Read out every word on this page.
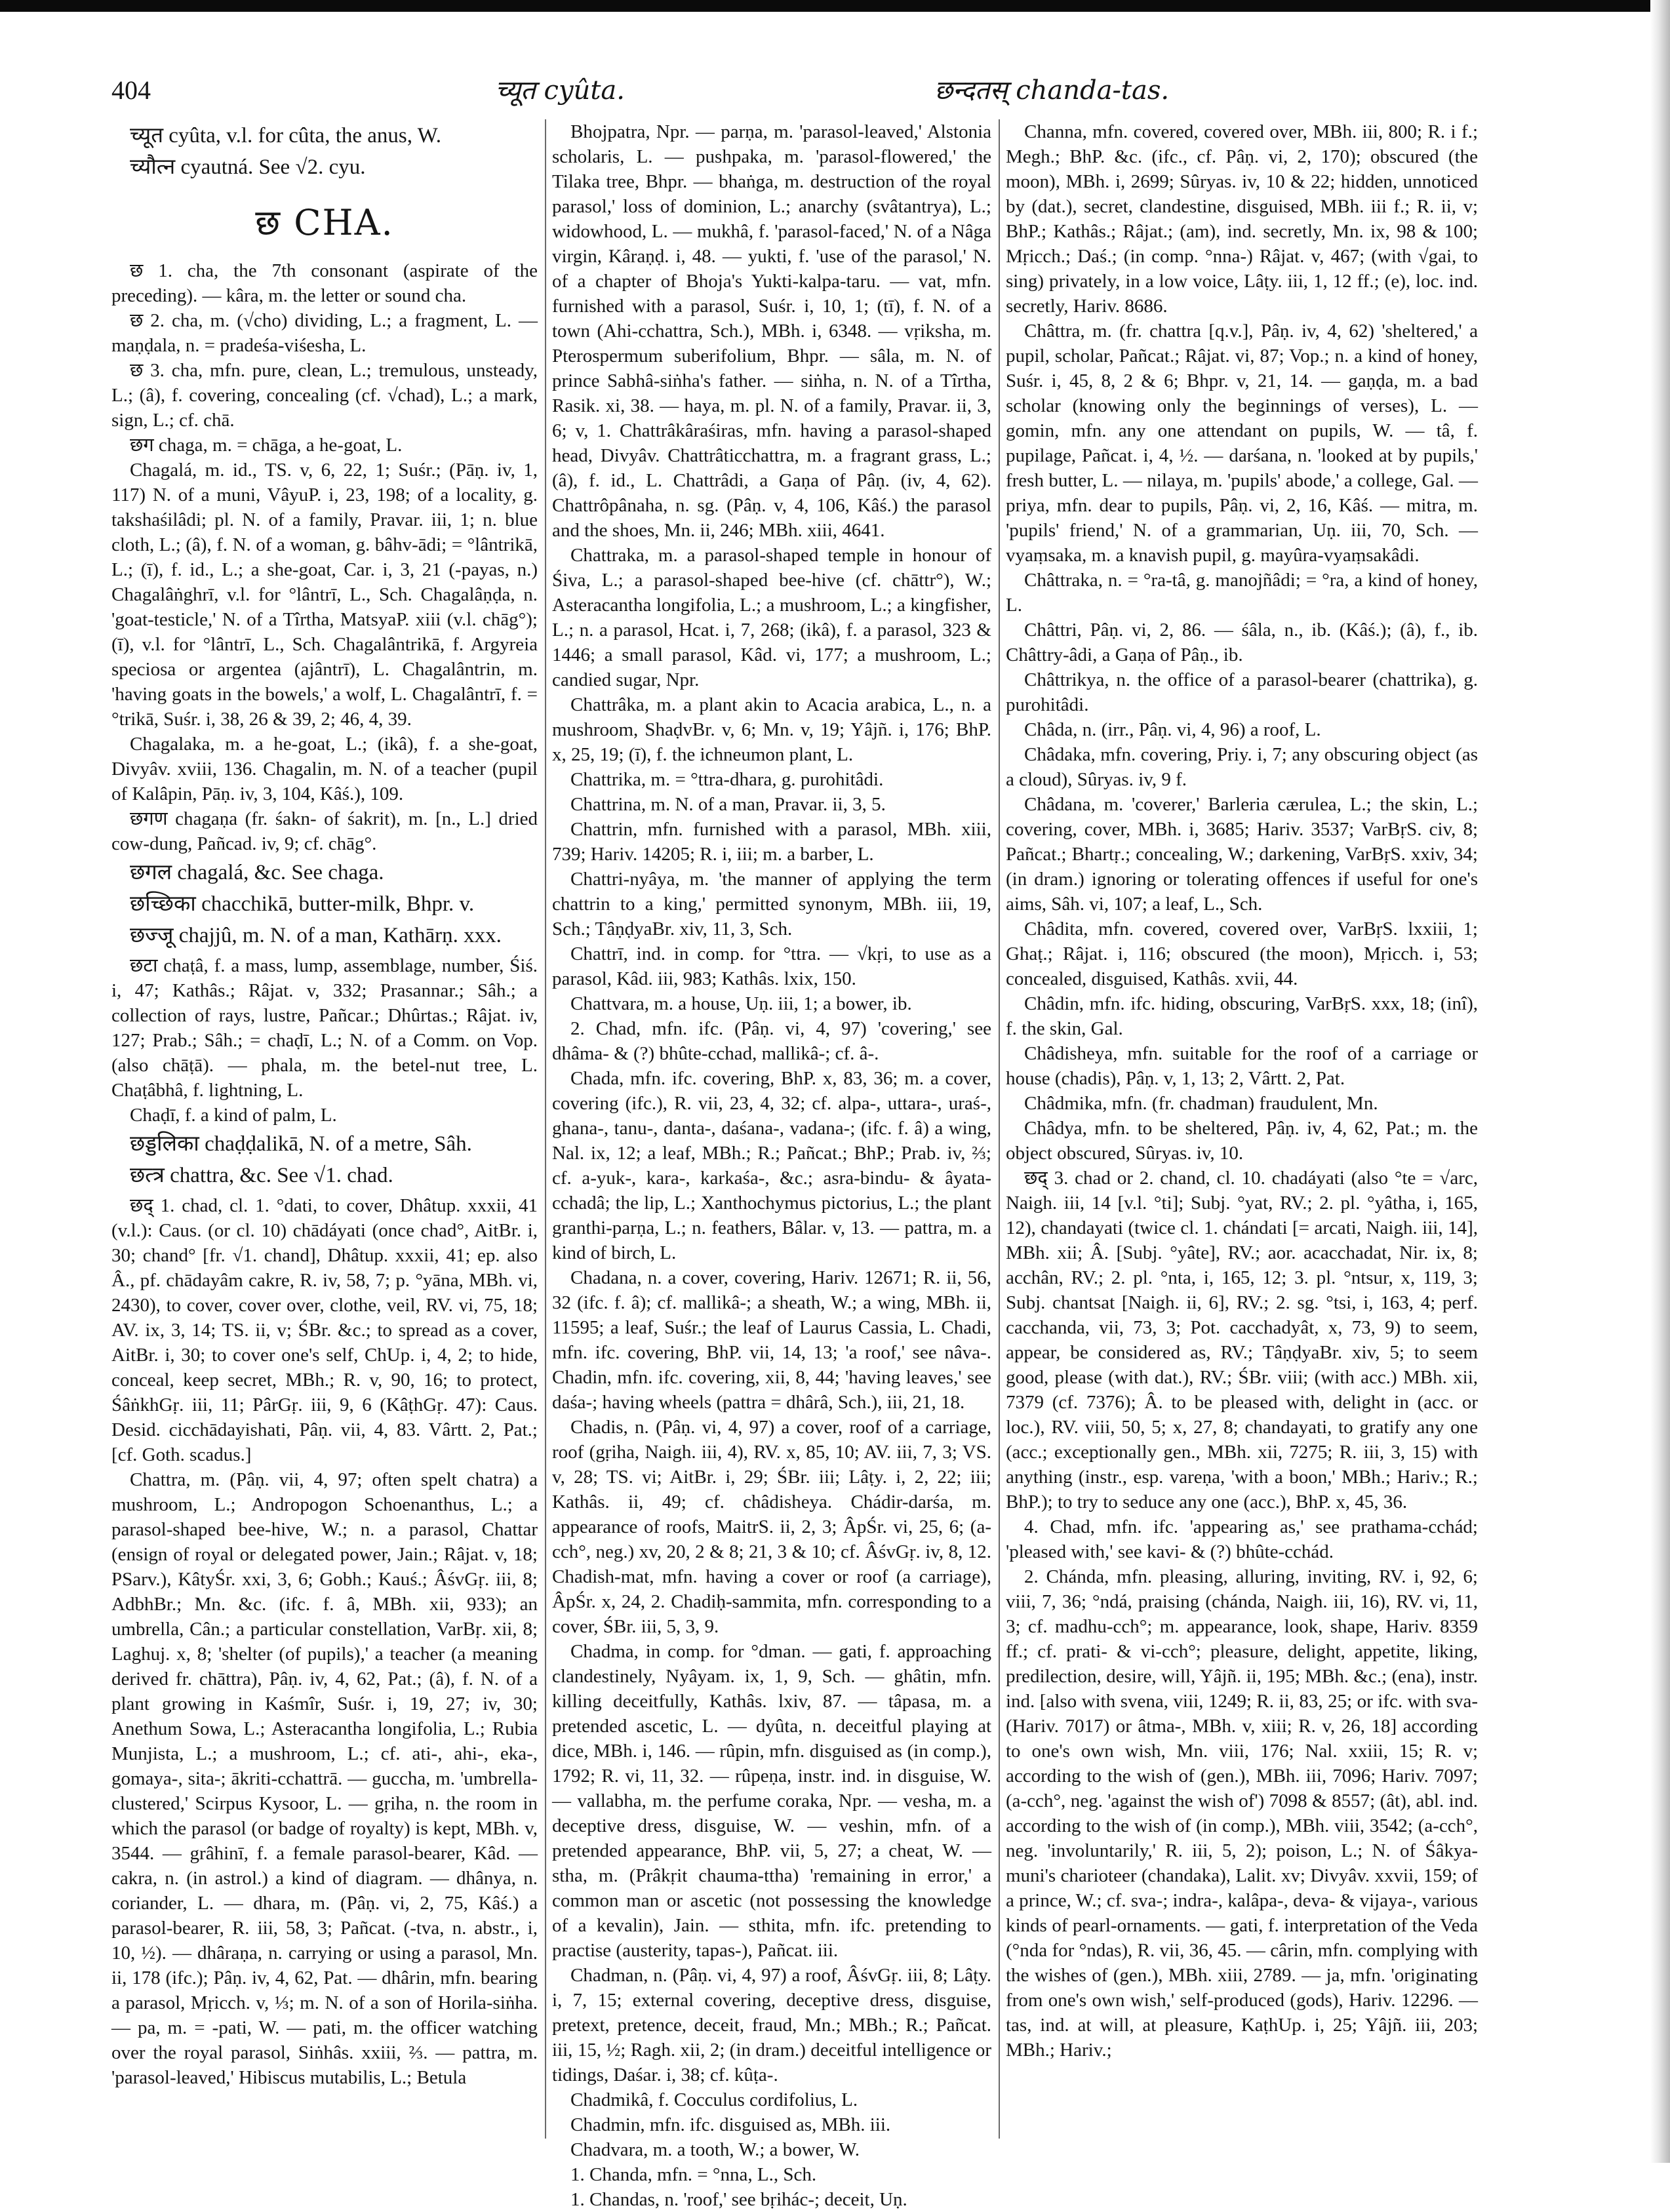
404	च्यूत cyûta.	छन्दतस् chanda-tas.

च्यूत cyûta, v.l. for cûta, the anus, W.

च्यौत्न cyautná. See √2. cyu.

छ CHA.

छ 1. cha, the 7th consonant (aspirate of the preceding). — kâra, m. the letter or sound cha.

छ 2. cha, m. (√cho) dividing, L.; a fragment, L. — maṇḍala, n. = pradeśa-viśesha, L.

छ 3. cha, mfn. pure, clean, L.; tremulous, unsteady, L.; (â), f. covering, concealing (cf. √chad), L.; a mark, sign, L.; cf. chā.

छग chaga, m. = chāga, a he-goat, L.

Chagalá, m. id., TS. v, 6, 22, 1; Suśr.; (Pāṇ. iv, 1, 117) N. of a muni, VâyuP. i, 23, 198; of a locality, g. takshaśilâdi; pl. N. of a family, Pravar. iii, 1; n. blue cloth, L.; (â), f. N. of a woman, g. bâhv-ādi; = °lântrikā, L.; (ī), f. id., L.; a she-goat, Car. i, 3, 21 (-payas, n.) Chagalâṅghrī, v.l. for °lântrī, L., Sch. Chagalâṇḍa, n. 'goat-testicle,' N. of a Tîrtha, MatsyaP. xiii (v.l. chāg°); (ī), v.l. for °lântrī, L., Sch. Chagalântrikā, f. Argyreia speciosa or argentea (ajântrī), L. Chagalântrin, m. 'having goats in the bowels,' a wolf, L. Chagalântrī, f. = °trikā, Suśr. i, 38, 26 & 39, 2; 46, 4, 39.

Chagalaka, m. a he-goat, L.; (ikâ), f. a she-goat, Divyâv. xviii, 136. Chagalin, m. N. of a teacher (pupil of Kalâpin, Pāṇ. iv, 3, 104, Kâś.), 109.

छगण chagaṇa (fr. śakn- of śakrit), m. [n., L.] dried cow-dung, Pañcad. iv, 9; cf. chāg°.

छगल chagalá, &c. See chaga.

छच्छिका chacchikā, butter-milk, Bhpr. v.

छज्जू chajjû, m. N. of a man, Kathārṇ. xxx.

छटा chaṭâ, f. a mass, lump, assemblage, number, Śiś. i, 47; Kathâs.; Râjat. v, 332; Prasannar.; Sâh.; a collection of rays, lustre, Pañcar.; Dhûrtas.; Râjat. iv, 127; Prab.; Sâh.; = chaḍī, L.; N. of a Comm. on Vop. (also chāṭā). — phala, m. the betel-nut tree, L. Chaṭâbhâ, f. lightning, L.

Chaḍī, f. a kind of palm, L.

छड्डलिका chaḍḍalikā, N. of a metre, Sâh.

छत्त्र chattra, &c. See √1. chad.

छद् 1. chad, cl. 1. °dati, to cover, Dhâtup. xxxii, 41 (v.l.): Caus. (or cl. 10) chādáyati (once chad°, AitBr. i, 30; chand° [fr. √1. chand], Dhâtup. xxxii, 41; ep. also Â., pf. chādayâm cakre, R. iv, 58, 7; p. °yāna, MBh. vi, 2430), to cover, cover over, clothe, veil, RV. vi, 75, 18; AV. ix, 3, 14; TS. ii, v; ŚBr. &c.; to spread as a cover, AitBr. i, 30; to cover one's self, ChUp. i, 4, 2; to hide, conceal, keep secret, MBh.; R. v, 90, 16; to protect, ŚâṅkhGṛ. iii, 11; PârGṛ. iii, 9, 6 (KâṭhGṛ. 47): Caus. Desid. cicchādayishati, Pâṇ. vii, 4, 83. Vârtt. 2, Pat.; [cf. Goth. scadus.]

Chattra, m. (Pâṇ. vii, 4, 97; often spelt chatra) a mushroom, L.; Andropogon Schoenanthus, L.; a parasol-shaped bee-hive, W.; n. a parasol, Chattar (ensign of royal or delegated power, Jain.; Râjat. v, 18; PSarv.), KâtyŚr. xxi, 3, 6; Gobh.; Kauś.; ÂśvGṛ. iii, 8; AdbhBr.; Mn. &c. (ifc. f. â, MBh. xii, 933); an umbrella, Cân.; a particular constellation, VarBṛ. xii, 8; Laghuj. x, 8; 'shelter (of pupils),' a teacher (a meaning derived fr. chāttra), Pâṇ. iv, 4, 62, Pat.; (â), f. N. of a plant growing in Kaśmîr, Suśr. i, 19, 27; iv, 30; Anethum Sowa, L.; Asteracantha longifolia, L.; Rubia Munjista, L.; a mushroom, L.; cf. ati-, ahi-, eka-, gomaya-, sita-; ākriti-cchattrā. — guccha, m. 'umbrella-clustered,' Scirpus Kysoor, L. — gṛiha, n. the room in which the parasol (or badge of royalty) is kept, MBh. v, 3544. — grâhinī, f. a female parasol-bearer, Kâd. — cakra, n. (in astrol.) a kind of diagram. — dhânya, n. coriander, L. — dhara, m. (Pâṇ. vi, 2, 75, Kâś.) a parasol-bearer, R. iii, 58, 3; Pañcat. (-tva, n. abstr., i, 10, ½). — dhâraṇa, n. carrying or using a parasol, Mn. ii, 178 (ifc.); Pâṇ. iv, 4, 62, Pat. — dhârin, mfn. bearing a parasol, Mṛicch. v, ⅓; m. N. of a son of Horila-siṅha. — pa, m. = -pati, W. — pati, m. the officer watching over the royal parasol, Siṅhâs. xxiii, ⅔. — pattra, m. 'parasol-leaved,' Hibiscus mutabilis, L.; Betula

Bhojpatra, Npr. — parṇa, m. 'parasol-leaved,' Alstonia scholaris, L. — pushpaka, m. 'parasol-flowered,' the Tilaka tree, Bhpr. — bhaṅga, m. destruction of the royal parasol,' loss of dominion, L.; anarchy (svâtantrya), L.; widowhood, L. — mukhâ, f. 'parasol-faced,' N. of a Nâga virgin, Kâraṇḍ. i, 48. — yukti, f. 'use of the parasol,' N. of a chapter of Bhoja's Yukti-kalpa-taru. — vat, mfn. furnished with a parasol, Suśr. i, 10, 1; (tī), f. N. of a town (Ahi-cchattra, Sch.), MBh. i, 6348. — vṛiksha, m. Pterospermum suberifolium, Bhpr. — sâla, m. N. of prince Sabhâ-siṅha's father. — siṅha, n. N. of a Tîrtha, Rasik. xi, 38. — haya, m. pl. N. of a family, Pravar. ii, 3, 6; v, 1. Chattrâkâraśiras, mfn. having a parasol-shaped head, Divyâv. Chattrâticchattra, m. a fragrant grass, L.; (â), f. id., L. Chattrâdi, a Gaṇa of Pâṇ. (iv, 4, 62). Chattrôpânaha, n. sg. (Pâṇ. v, 4, 106, Kâś.) the parasol and the shoes, Mn. ii, 246; MBh. xiii, 4641.

Chattraka, m. a parasol-shaped temple in honour of Śiva, L.; a parasol-shaped bee-hive (cf. chāttr°), W.; Asteracantha longifolia, L.; a mushroom, L.; a kingfisher, L.; n. a parasol, Hcat. i, 7, 268; (ikâ), f. a parasol, 323 & 1446; a small parasol, Kâd. vi, 177; a mushroom, L.; candied sugar, Npr.

Chattrâka, m. a plant akin to Acacia arabica, L., n. a mushroom, ShaḍvBr. v, 6; Mn. v, 19; Yâjñ. i, 176; BhP. x, 25, 19; (ī), f. the ichneumon plant, L.

Chattrika, m. = °ttra-dhara, g. purohitâdi.

Chattrina, m. N. of a man, Pravar. ii, 3, 5.

Chattrin, mfn. furnished with a parasol, MBh. xiii, 739; Hariv. 14205; R. i, iii; m. a barber, L.

Chattri-nyâya, m. 'the manner of applying the term chattrin to a king,' permitted synonym, MBh. iii, 19, Sch.; TâṇḍyaBr. xiv, 11, 3, Sch.

Chattrī, ind. in comp. for °ttra. — √kṛi, to use as a parasol, Kâd. iii, 983; Kathâs. lxix, 150.

Chattvara, m. a house, Uṇ. iii, 1; a bower, ib.

2. Chad, mfn. ifc. (Pâṇ. vi, 4, 97) 'covering,' see dhâma- & (?) bhûte-cchad, mallikâ-; cf. â-.

Chada, mfn. ifc. covering, BhP. x, 83, 36; m. a cover, covering (ifc.), R. vii, 23, 4, 32; cf. alpa-, uttara-, uraś-, ghana-, tanu-, danta-, daśana-, vadana-; (ifc. f. â) a wing, Nal. ix, 12; a leaf, MBh.; R.; Pañcat.; BhP.; Prab. iv, ⅔; cf. a-yuk-, kara-, karkaśa-, &c.; asra-bindu- & âyata-cchadâ; the lip, L.; Xanthochymus pictorius, L.; the plant granthi-parṇa, L.; n. feathers, Bâlar. v, 13. — pattra, m. a kind of birch, L.

Chadana, n. a cover, covering, Hariv. 12671; R. ii, 56, 32 (ifc. f. â); cf. mallikâ-; a sheath, W.; a wing, MBh. ii, 11595; a leaf, Suśr.; the leaf of Laurus Cassia, L. Chadi, mfn. ifc. covering, BhP. vii, 14, 13; 'a roof,' see nâva-. Chadin, mfn. ifc. covering, xii, 8, 44; 'having leaves,' see daśa-; having wheels (pattra = dhârâ, Sch.), iii, 21, 18.

Chadis, n. (Pâṇ. vi, 4, 97) a cover, roof of a carriage, roof (gṛiha, Naigh. iii, 4), RV. x, 85, 10; AV. iii, 7, 3; VS. v, 28; TS. vi; AitBr. i, 29; ŚBr. iii; Lâṭy. i, 2, 22; iii; Kathâs. ii, 49; cf. châdisheya. Chádir-darśa, m. appearance of roofs, MaitrS. ii, 2, 3; ÂpŚr. vi, 25, 6; (a-cch°, neg.) xv, 20, 2 & 8; 21, 3 & 10; cf. ÂśvGṛ. iv, 8, 12. Chadish-mat, mfn. having a cover or roof (a carriage), ÂpŚr. x, 24, 2. Chadiḥ-sammita, mfn. corresponding to a cover, ŚBr. iii, 5, 3, 9.

Chadma, in comp. for °dman. — gati, f. approaching clandestinely, Nyâyam. ix, 1, 9, Sch. — ghâtin, mfn. killing deceitfully, Kathâs. lxiv, 87. — tâpasa, m. a pretended ascetic, L. — dyûta, n. deceitful playing at dice, MBh. i, 146. — rûpin, mfn. disguised as (in comp.), 1792; R. vi, 11, 32. — rûpeṇa, instr. ind. in disguise, W. — vallabha, m. the perfume coraka, Npr. — vesha, m. a deceptive dress, disguise, W. — veshin, mfn. of a pretended appearance, BhP. vii, 5, 27; a cheat, W. — stha, m. (Prâkṛit chauma-ttha) 'remaining in error,' a common man or ascetic (not possessing the knowledge of a kevalin), Jain. — sthita, mfn. ifc. pretending to practise (austerity, tapas-), Pañcat. iii.

Chadman, n. (Pâṇ. vi, 4, 97) a roof, ÂśvGṛ. iii, 8; Lâṭy. i, 7, 15; external covering, deceptive dress, disguise, pretext, pretence, deceit, fraud, Mn.; MBh.; R.; Pañcat. iii, 15, ½; Ragh. xii, 2; (in dram.) deceitful intelligence or tidings, Daśar. i, 38; cf. kûṭa-.

Chadmikâ, f. Cocculus cordifolius, L.

Chadmin, mfn. ifc. disguised as, MBh. iii.

Chadvara, m. a tooth, W.; a bower, W.

1. Chanda, mfn. = °nna, L., Sch.

1. Chandas, n. 'roof,' see bṛihác-; deceit, Uṇ.

Channa, mfn. covered, covered over, MBh. iii, 800; R. i f.; Megh.; BhP. &c. (ifc., cf. Pâṇ. vi, 2, 170); obscured (the moon), MBh. i, 2699; Sûryas. iv, 10 & 22; hidden, unnoticed by (dat.), secret, clandestine, disguised, MBh. iii f.; R. ii, v; BhP.; Kathâs.; Râjat.; (am), ind. secretly, Mn. ix, 98 & 100; Mṛicch.; Daś.; (in comp. °nna-) Râjat. v, 467; (with √gai, to sing) privately, in a low voice, Lâṭy. iii, 1, 12 ff.; (e), loc. ind. secretly, Hariv. 8686.

Châttra, m. (fr. chattra [q.v.], Pâṇ. iv, 4, 62) 'sheltered,' a pupil, scholar, Pañcat.; Râjat. vi, 87; Vop.; n. a kind of honey, Suśr. i, 45, 8, 2 & 6; Bhpr. v, 21, 14. — gaṇḍa, m. a bad scholar (knowing only the beginnings of verses), L. — gomin, mfn. any one attendant on pupils, W. — tâ, f. pupilage, Pañcat. i, 4, ½. — darśana, n. 'looked at by pupils,' fresh butter, L. — nilaya, m. 'pupils' abode,' a college, Gal. — priya, mfn. dear to pupils, Pâṇ. vi, 2, 16, Kâś. — mitra, m. 'pupils' friend,' N. of a grammarian, Uṇ. iii, 70, Sch. — vyaṃsaka, m. a knavish pupil, g. mayûra-vyaṃsakâdi.

Châttraka, n. = °ra-tâ, g. manojñâdi; = °ra, a kind of honey, L.

Châttri, Pâṇ. vi, 2, 86. — śâla, n., ib. (Kâś.); (â), f., ib. Châttry-âdi, a Gaṇa of Pâṇ., ib.

Châttrikya, n. the office of a parasol-bearer (chattrika), g. purohitâdi.

Châda, n. (irr., Pâṇ. vi, 4, 96) a roof, L.

Châdaka, mfn. covering, Priy. i, 7; any obscuring object (as a cloud), Sûryas. iv, 9 f.

Châdana, m. 'coverer,' Barleria cærulea, L.; the skin, L.; covering, cover, MBh. i, 3685; Hariv. 3537; VarBṛS. civ, 8; Pañcat.; Bhartṛ.; concealing, W.; darkening, VarBṛS. xxiv, 34; (in dram.) ignoring or tolerating offences if useful for one's aims, Sâh. vi, 107; a leaf, L., Sch.

Châdita, mfn. covered, covered over, VarBṛS. lxxiii, 1; Ghaṭ.; Râjat. i, 116; obscured (the moon), Mṛicch. i, 53; concealed, disguised, Kathâs. xvii, 44.

Châdin, mfn. ifc. hiding, obscuring, VarBṛS. xxx, 18; (inî), f. the skin, Gal.

Châdisheya, mfn. suitable for the roof of a carriage or house (chadis), Pâṇ. v, 1, 13; 2, Vârtt. 2, Pat.

Châdmika, mfn. (fr. chadman) fraudulent, Mn.

Châdya, mfn. to be sheltered, Pâṇ. iv, 4, 62, Pat.; m. the object obscured, Sûryas. iv, 10.

छद् 3. chad or 2. chand, cl. 10. chadáyati (also °te = √arc, Naigh. iii, 14 [v.l. °ti]; Subj. °yat, RV.; 2. pl. °yâtha, i, 165, 12), chandayati (twice cl. 1. chándati [= arcati, Naigh. iii, 14], MBh. xii; Â. [Subj. °yâte], RV.; aor. acacchadat, Nir. ix, 8; acchân, RV.; 2. pl. °nta, i, 165, 12; 3. pl. °ntsur, x, 119, 3; Subj. chantsat [Naigh. ii, 6], RV.; 2. sg. °tsi, i, 163, 4; perf. cacchanda, vii, 73, 3; Pot. cacchadyât, x, 73, 9) to seem, appear, be considered as, RV.; TâṇḍyaBr. xiv, 5; to seem good, please (with dat.), RV.; ŚBr. viii; (with acc.) MBh. xii, 7379 (cf. 7376); Â. to be pleased with, delight in (acc. or loc.), RV. viii, 50, 5; x, 27, 8; chandayati, to gratify any one (acc.; exceptionally gen., MBh. xii, 7275; R. iii, 3, 15) with anything (instr., esp. vareṇa, 'with a boon,' MBh.; Hariv.; R.; BhP.); to try to seduce any one (acc.), BhP. x, 45, 36.

4. Chad, mfn. ifc. 'appearing as,' see prathama-cchád; 'pleased with,' see kavi- & (?) bhûte-cchád.

2. Chánda, mfn. pleasing, alluring, inviting, RV. i, 92, 6; viii, 7, 36; °ndá, praising (chánda, Naigh. iii, 16), RV. vi, 11, 3; cf. madhu-cch°; m. appearance, look, shape, Hariv. 8359 ff.; cf. prati- & vi-cch°; pleasure, delight, appetite, liking, predilection, desire, will, Yâjñ. ii, 195; MBh. &c.; (ena), instr. ind. [also with svena, viii, 1249; R. ii, 83, 25; or ifc. with sva- (Hariv. 7017) or âtma-, MBh. v, xiii; R. v, 26, 18] according to one's own wish, Mn. viii, 176; Nal. xxiii, 15; R. v; according to the wish of (gen.), MBh. iii, 7096; Hariv. 7097; (a-cch°, neg. 'against the wish of') 7098 & 8557; (ât), abl. ind. according to the wish of (in comp.), MBh. viii, 3542; (a-cch°, neg. 'involuntarily,' R. iii, 5, 2); poison, L.; N. of Śâkya-muni's charioteer (chandaka), Lalit. xv; Divyâv. xxvii, 159; of a prince, W.; cf. sva-; indra-, kalâpa-, deva- & vijaya-, various kinds of pearl-ornaments. — gati, f. interpretation of the Veda (°nda for °ndas), R. vii, 36, 45. — cârin, mfn. complying with the wishes of (gen.), MBh. xiii, 2789. — ja, mfn. 'originating from one's own wish,' self-produced (gods), Hariv. 12296. — tas, ind. at will, at pleasure, KaṭhUp. i, 25; Yâjñ. iii, 203; MBh.; Hariv.;
